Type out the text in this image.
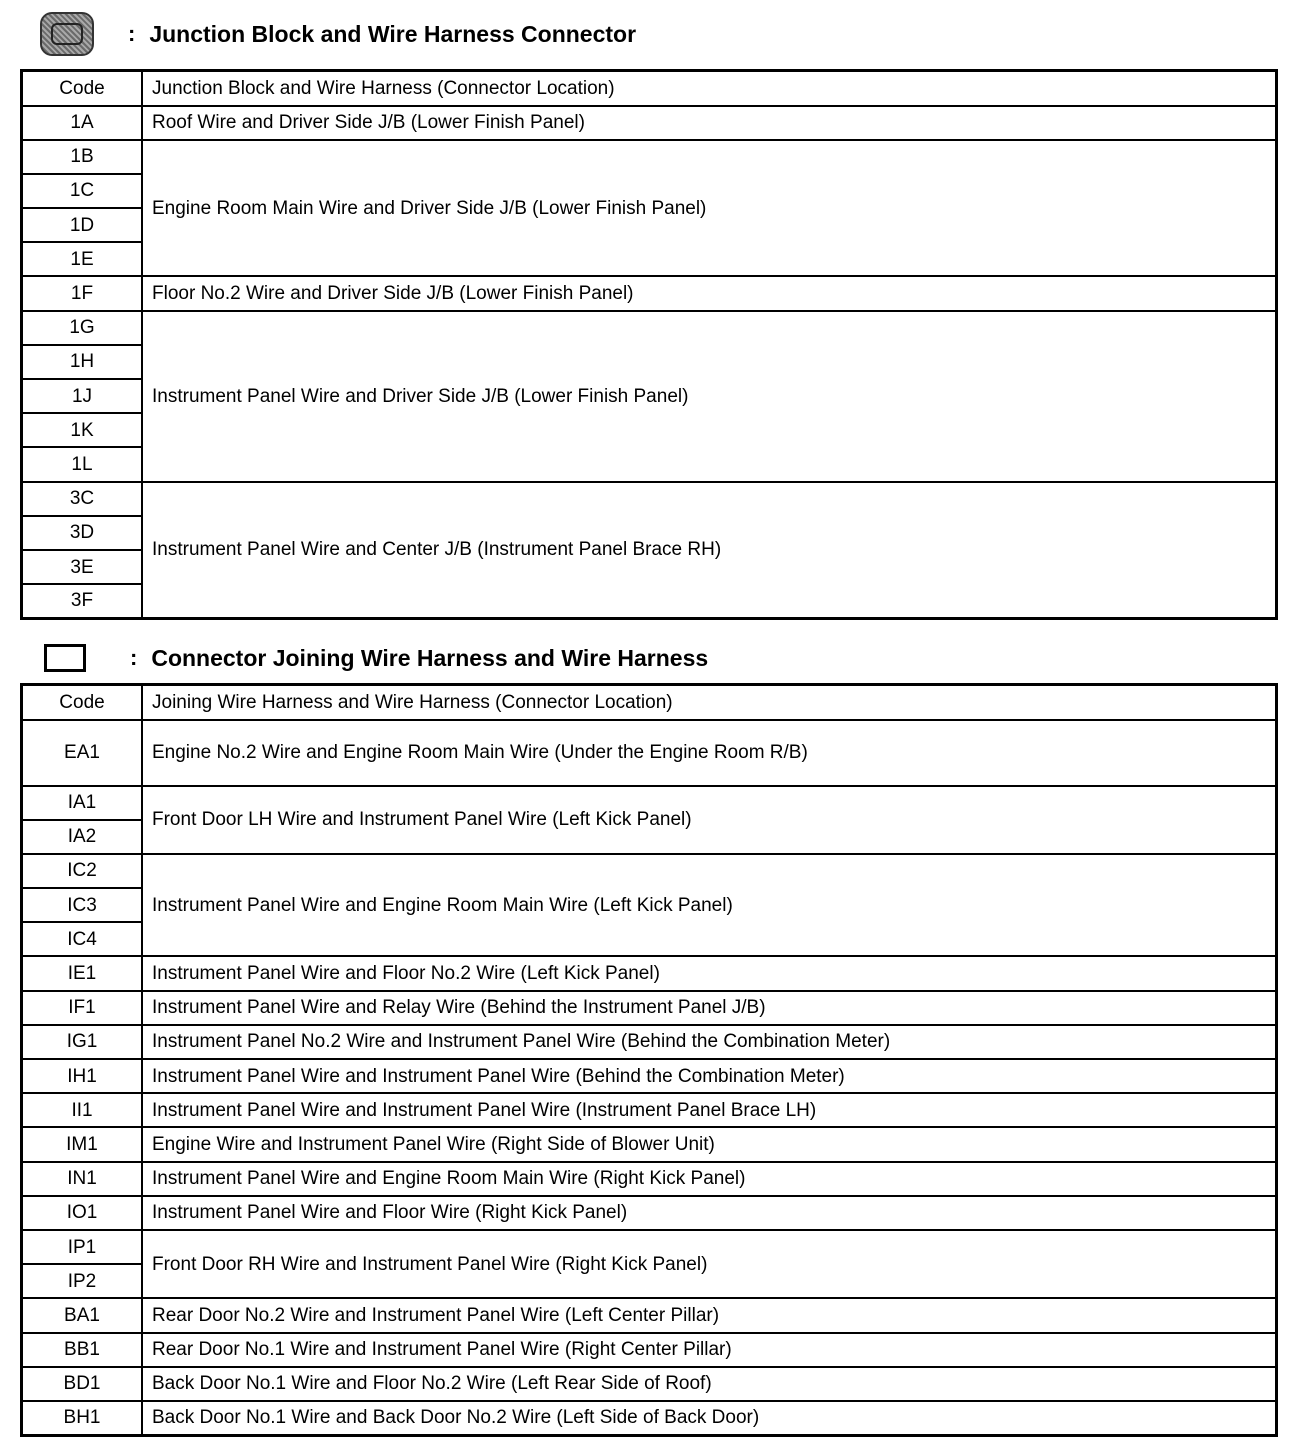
: Junction Block and Wire Harness Connector
Code	Junction Block and Wire Harness (Connector Location)
1A	Roof Wire and Driver Side J/B (Lower Finish Panel)
1B	Engine Room Main Wire and Driver Side J/B (Lower Finish Panel)
1C	
1D	
1E	
1F	Floor No.2 Wire and Driver Side J/B (Lower Finish Panel)
1G	Instrument Panel Wire and Driver Side J/B (Lower Finish Panel)
1H	
1J	
1K	
1L	
3C	Instrument Panel Wire and Center J/B (Instrument Panel Brace RH)
3D	
3E	
3F	
: Connector Joining Wire Harness and Wire Harness
Code	Joining Wire Harness and Wire Harness (Connector Location)
EA1	Engine No.2 Wire and Engine Room Main Wire (Under the Engine Room R/B)
IA1	Front Door LH Wire and Instrument Panel Wire (Left Kick Panel)
IA2	
IC2	Instrument Panel Wire and Engine Room Main Wire (Left Kick Panel)
IC3	
IC4	
IE1	Instrument Panel Wire and Floor No.2 Wire (Left Kick Panel)
IF1	Instrument Panel Wire and Relay Wire (Behind the Instrument Panel J/B)
IG1	Instrument Panel No.2 Wire and Instrument Panel Wire (Behind the Combination Meter)
IH1	Instrument Panel Wire and Instrument Panel Wire (Behind the Combination Meter)
II1	Instrument Panel Wire and Instrument Panel Wire (Instrument Panel Brace LH)
IM1	Engine Wire and Instrument Panel Wire (Right Side of Blower Unit)
IN1	Instrument Panel Wire and Engine Room Main Wire (Right Kick Panel)
IO1	Instrument Panel Wire and Floor Wire (Right Kick Panel)
IP1	Front Door RH Wire and Instrument Panel Wire (Right Kick Panel)
IP2	
BA1	Rear Door No.2 Wire and Instrument Panel Wire (Left Center Pillar)
BB1	Rear Door No.1 Wire and Instrument Panel Wire (Right Center Pillar)
BD1	Back Door No.1 Wire and Floor No.2 Wire (Left Rear Side of Roof)
BH1	Back Door No.1 Wire and Back Door No.2 Wire (Left Side of Back Door)
